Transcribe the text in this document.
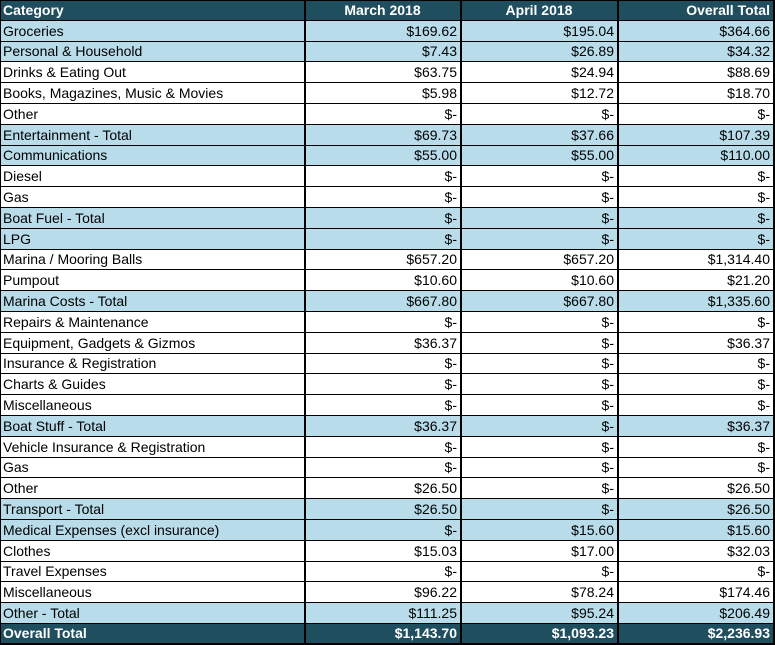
Category	March 2018	April 2018	Overall Total
Groceries	$169.62	$195.04	$364.66
Personal & Household	$7.43	$26.89	$34.32
Drinks & Eating Out	$63.75	$24.94	$88.69
Books, Magazines, Music & Movies	$5.98	$12.72	$18.70
Other	$-	$-	$-
Entertainment - Total	$69.73	$37.66	$107.39
Communications	$55.00	$55.00	$110.00
Diesel	$-	$-	$-
Gas	$-	$-	$-
Boat Fuel - Total	$-	$-	$-
LPG	$-	$-	$-
Marina / Mooring Balls	$657.20	$657.20	$1,314.40
Pumpout	$10.60	$10.60	$21.20
Marina Costs - Total	$667.80	$667.80	$1,335.60
Repairs & Maintenance	$-	$-	$-
Equipment, Gadgets & Gizmos	$36.37	$-	$36.37
Insurance & Registration	$-	$-	$-
Charts & Guides	$-	$-	$-
Miscellaneous	$-	$-	$-
Boat Stuff - Total	$36.37	$-	$36.37
Vehicle Insurance & Registration	$-	$-	$-
Gas	$-	$-	$-
Other	$26.50	$-	$26.50
Transport - Total	$26.50	$-	$26.50
Medical Expenses (excl insurance)	$-	$15.60	$15.60
Clothes	$15.03	$17.00	$32.03
Travel Expenses	$-	$-	$-
Miscellaneous	$96.22	$78.24	$174.46
Other - Total	$111.25	$95.24	$206.49
Overall Total	$1,143.70	$1,093.23	$2,236.93
